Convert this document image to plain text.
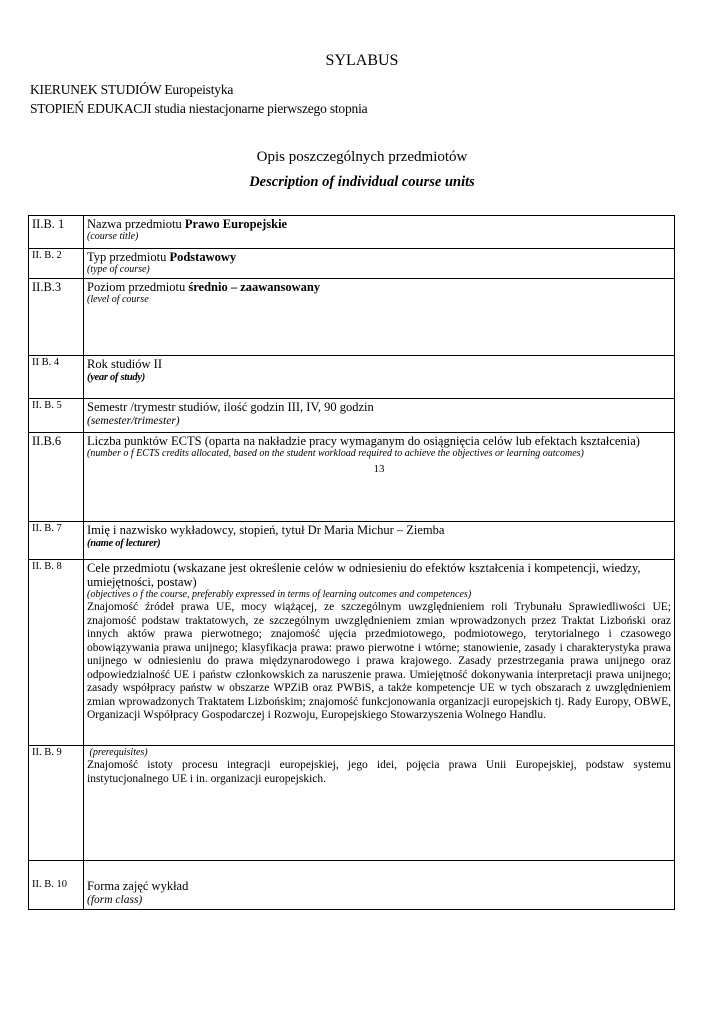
SYLABUS
KIERUNEK STUDIÓW Europeistyka
STOPIEŃ EDUKACJI studia niestacjonarne pierwszego stopnia
Opis poszczególnych przedmiotów
Description of individual course units
II.B. 1	Nazwa przedmiotu Prawo Europejskie
(course title)

II. B. 2	Typ przedmiotu Podstawowy
(type of course)

II.B.3	Poziom przedmiotu średnio – zaawansowany
(level of course

II B. 4	Rok studiów II
(year of study)

II. B. 5	Semestr /trymestr studiów, ilość godzin III, IV, 90 godzin
(semester/trimester)

II.B.6	Liczba punktów ECTS (oparta na nakładzie pracy wymaganym do osiągnięcia celów lub efektach kształcenia)
(number o f ECTS credits allocated, based on the student workload required to achieve the objectives or learning outcomes)
13

II. B. 7	Imię i nazwisko wykładowcy, stopień, tytuł Dr Maria Michur – Ziemba
(name of lecturer)

II. B. 8	Cele przedmiotu (wskazane jest określenie celów w odniesieniu do efektów kształcenia i kompetencji, wiedzy, umiejętności, postaw)
(objectives o f the course, preferably expressed in terms of learning outcomes and competences)
Znajomość źródeł prawa UE, mocy wiążącej, ze szczególnym uwzględnieniem roli Trybunału Sprawiedliwości UE; znajomość podstaw traktatowych, ze szczególnym uwzględnieniem zmian wprowadzonych przez Traktat Lizboński oraz innych aktów prawa pierwotnego; znajomość ujęcia przedmiotowego, podmiotowego, terytorialnego i czasowego obowiązywania prawa unijnego; klasyfikacja prawa: prawo pierwotne i wtórne; stanowienie, zasady i charakterystyka prawa unijnego w odniesieniu do prawa międzynarodowego i prawa krajowego. Zasady przestrzegania prawa unijnego oraz odpowiedzialność UE i państw członkowskich za naruszenie prawa. Umiejętność dokonywania interpretacji prawa unijnego; zasady współpracy państw w obszarze WPZiB oraz PWBiS, a także kompetencje UE w tych obszarach z uwzględnieniem zmian wprowadzonych Traktatem Lizbońskim; znajomość funkcjonowania organizacji europejskich tj. Rady Europy, OBWE, Organizacji Współpracy Gospodarczej i Rozwoju, Europejskiego Stowarzyszenia Wolnego Handlu.

II. B. 9	(prerequisites)
Znajomość istoty procesu integracji europejskiej, jego idei, pojęcia prawa Unii Europejskiej, podstaw systemu instytucjonalnego UE i in. organizacji europejskich.

II. B. 10	Forma zajęć wykład
(form class)
